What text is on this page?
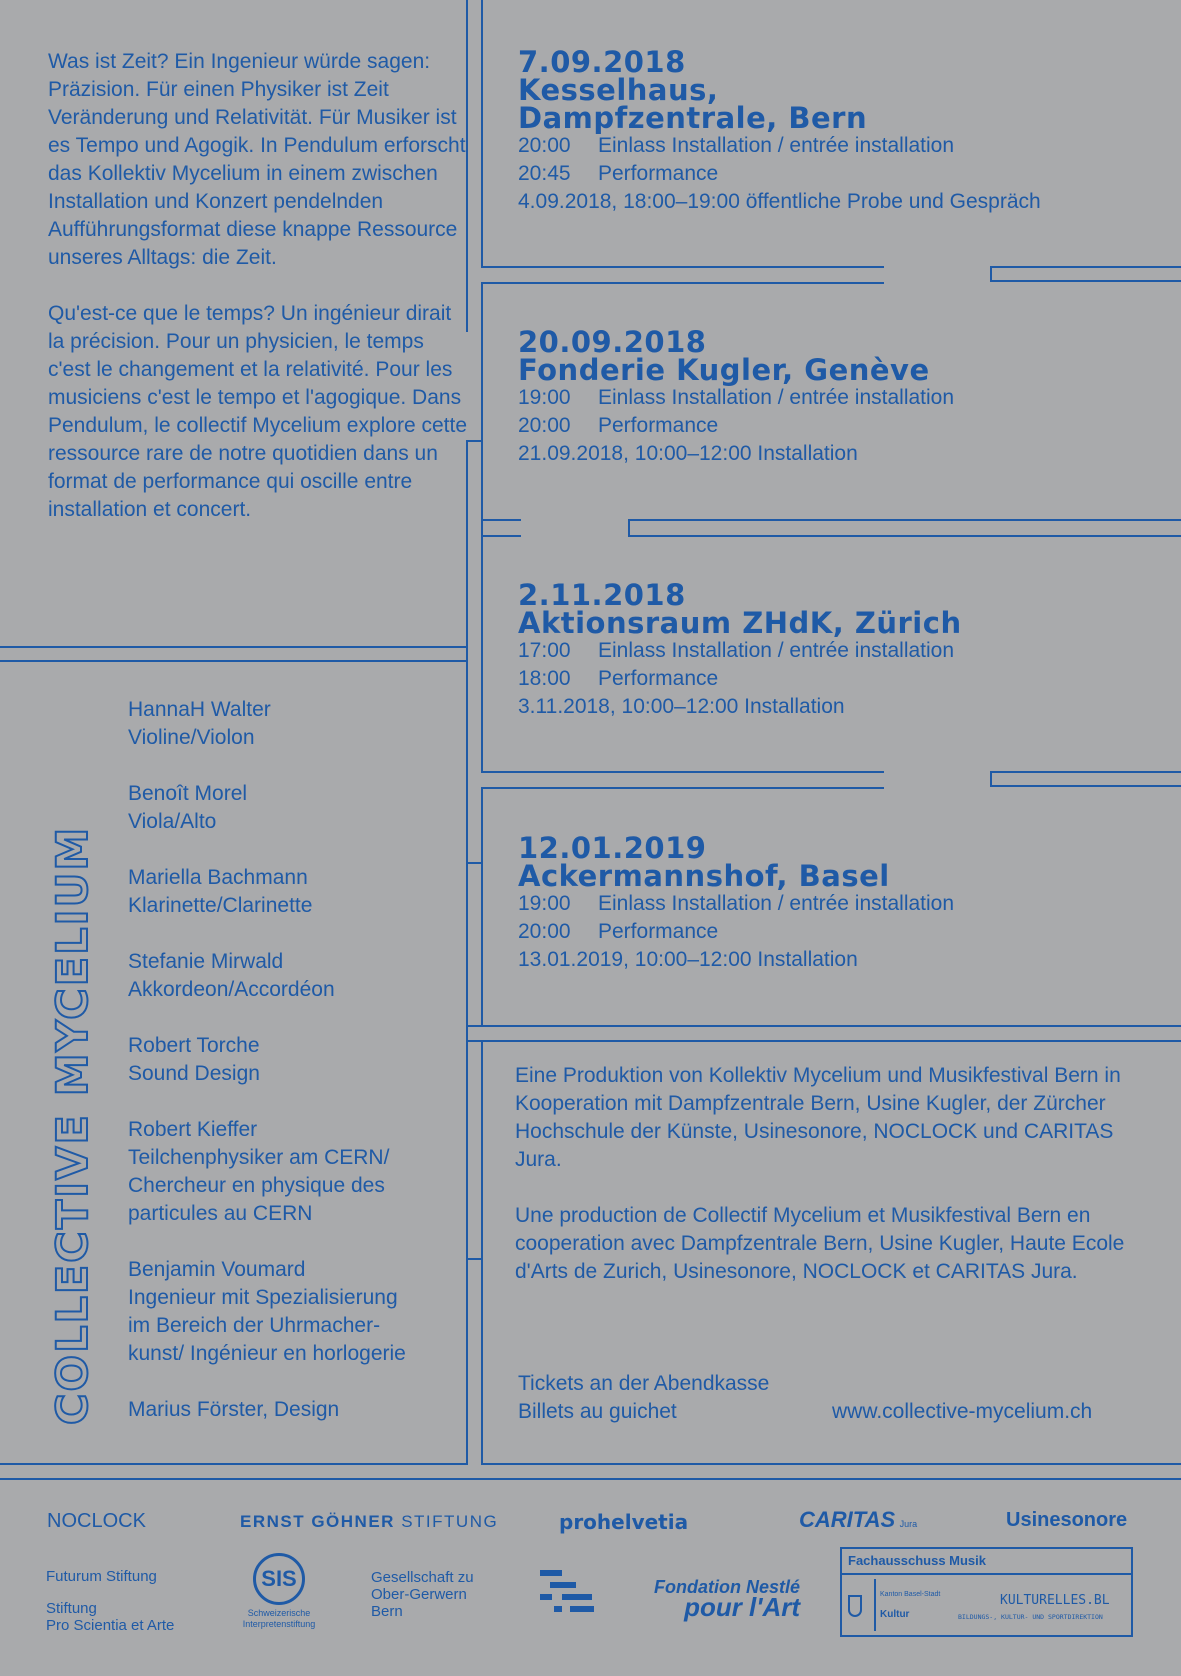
Was ist Zeit? Ein Ingenieur würde sagen: Präzision. Für einen Physiker ist Zeit Veränderung und Relativität. Für Musiker ist es Tempo und Agogik. In Pendulum erforscht das Kollektiv Mycelium in einem zwischen Installation und Konzert pendelnden Aufführungsformat diese knappe Ressource unseres Alltags: die Zeit.

Qu'est-ce que le temps? Un ingénieur dirait la précision. Pour un physicien, le temps c'est le changement et la relativité. Pour les musiciens c'est le tempo et l'agogique. Dans Pendulum, le collectif Mycelium explore cette ressource rare de notre quotidien dans un format de performance qui oscille entre installation et concert.

COLLECTIVE MYCELIUM
HannaH Walter
Violine/Violon
Benoît Morel
Viola/Alto
Mariella Bachmann
Klarinette/Clarinette
Stefanie Mirwald
Akkordeon/Accordéon
Robert Torche
Sound Design
Robert Kieffer
Teilchenphysiker am CERN/
Chercheur en physique des
particules au CERN
Benjamin Voumard
Ingenieur mit Spezialisierung
im Bereich der Uhrmacher-
kunst/ Ingénieur en horlogerie
Marius Förster, Design
7.09.2018
Kesselhaus,
Dampfzentrale, Bern
20:00 Einlass Installation / entrée installation
20:45 Performance
4.09.2018, 18:00–19:00 öffentliche Probe und Gespräch
20.09.2018
Fonderie Kugler, Genève
19:00 Einlass Installation / entrée installation
20:00 Performance
21.09.2018, 10:00–12:00 Installation
2.11.2018
Aktionsraum ZHdK, Zürich
17:00 Einlass Installation / entrée installation
18:00 Performance
3.11.2018, 10:00–12:00 Installation
12.01.2019
Ackermannshof, Basel
19:00 Einlass Installation / entrée installation
20:00 Performance
13.01.2019, 10:00–12:00 Installation

Eine Produktion von Kollektiv Mycelium und Musikfestival Bern in Kooperation mit Dampfzentrale Bern, Usine Kugler, der Zürcher Hochschule der Künste, Usinesonore, NOCLOCK und CARITAS Jura.

Une production de Collectif Mycelium et Musikfestival Bern en cooperation avec Dampfzentrale Bern, Usine Kugler, Haute Ecole d'Arts de Zurich, Usinesonore, NOCLOCK et CARITAS Jura.

Tickets an der Abendkasse
Billets au guichet	www.collective-mycelium.ch
NOCLOCK	ERNST GÖHNER STIFTUNG	prohelvetia	CARITAS Jura	Usinesonore
Futurum Stiftung
Stiftung
Pro Scientia et Arte
SIS
Schweizerische
Interpretenstiftung
Gesellschaft zu
Ober-Gerwern
Bern
Fondation Nestlé
pour l'Art
Fachausschuss Musik
Kanton Basel-Stadt
Kultur
KULTURELLES.BL
BILDUNGS-, KULTUR- UND SPORTDIREKTION
